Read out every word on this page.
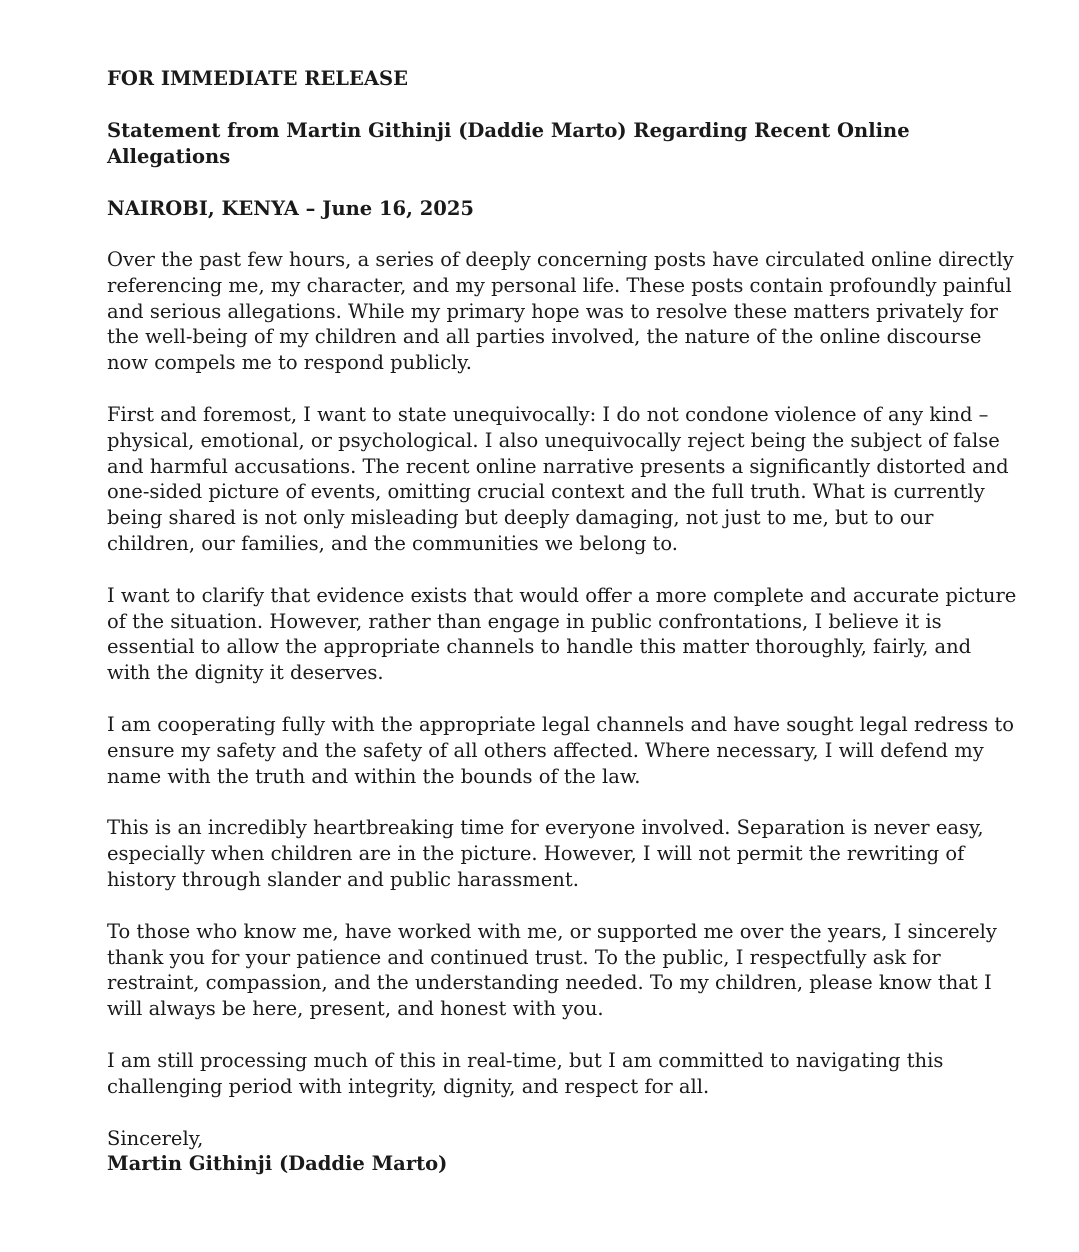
FOR IMMEDIATE RELEASE

Statement from Martin Githinji (Daddie Marto) Regarding Recent Online Allegations

NAIROBI, KENYA – June 16, 2025

Over the past few hours, a series of deeply concerning posts have circulated online directly
referencing me, my character, and my personal life. These posts contain profoundly painful
and serious allegations. While my primary hope was to resolve these matters privately for
the well-being of my children and all parties involved, the nature of the online discourse
now compels me to respond publicly.
First and foremost, I want to state unequivocally: I do not condone violence of any kind –
physical, emotional, or psychological. I also unequivocally reject being the subject of false
and harmful accusations. The recent online narrative presents a significantly distorted and
one-sided picture of events, omitting crucial context and the full truth. What is currently
being shared is not only misleading but deeply damaging, not just to me, but to our
children, our families, and the communities we belong to.
I want to clarify that evidence exists that would offer a more complete and accurate picture
of the situation. However, rather than engage in public confrontations, I believe it is
essential to allow the appropriate channels to handle this matter thoroughly, fairly, and
with the dignity it deserves.
I am cooperating fully with the appropriate legal channels and have sought legal redress to
ensure my safety and the safety of all others affected. Where necessary, I will defend my
name with the truth and within the bounds of the law.
This is an incredibly heartbreaking time for everyone involved. Separation is never easy,
especially when children are in the picture. However, I will not permit the rewriting of
history through slander and public harassment.
To those who know me, have worked with me, or supported me over the years, I sincerely
thank you for your patience and continued trust. To the public, I respectfully ask for
restraint, compassion, and the understanding needed. To my children, please know that I
will always be here, present, and honest with you.
I am still processing much of this in real-time, but I am committed to navigating this
challenging period with integrity, dignity, and respect for all.

Sincerely,

Martin Githinji (Daddie Marto)
